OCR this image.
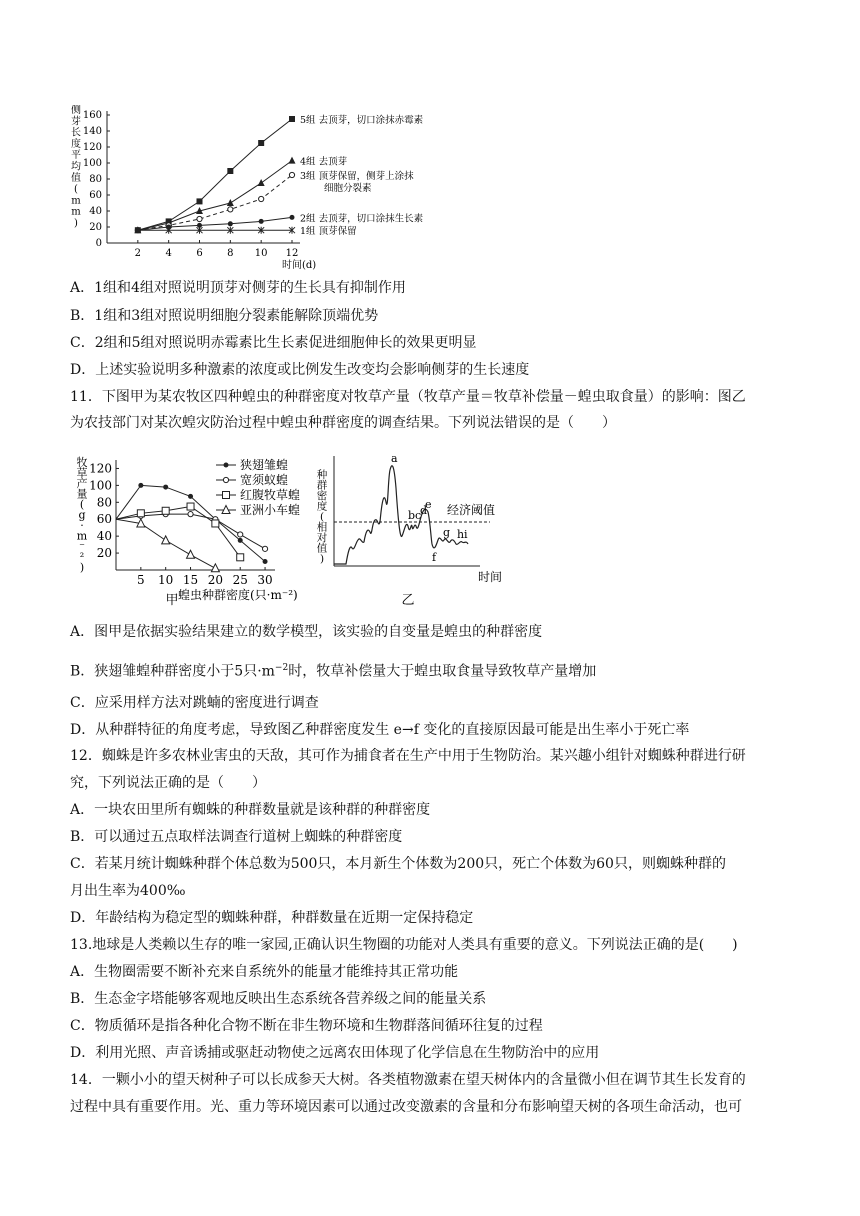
0
20
40
60
80
100
120
140
160
2 4 6 8 10 12
时间(d)
侧
芽
长
度
平
均
值
(
m
m
)
5组 去顶芽，切口涂抹赤霉素
4组 去顶芽
3组 顶芽保留，侧芽上涂抹
细胞分裂素
2组 去顶芽，切口涂抹生长素
1组 顶芽保留
A．1组和4组对照说明顶芽对侧芽的生长具有抑制作用
B．1组和3组对照说明细胞分裂素能解除顶端优势
C．2组和5组对照说明赤霉素比生长素促进细胞伸长的效果更明显
D．上述实验说明多种激素的浓度或比例发生改变均会影响侧芽的生长速度
11．下图甲为某农牧区四种蝗虫的种群密度对牧草产量（牧草产量＝牧草补偿量－蝗虫取食量）的影响：图乙
为农技部门对某次蝗灾防治过程中蝗虫种群密度的调查结果。下列说法错误的是（　　）
20
40
60
80
100
120
5 10 15 20 25 30
蝗虫种群密度(只·m⁻²)
甲
牧
草
产
量
(
g
·
m
⁻
²
)
狭翅雏蝗
宽须蚁蝗
红腹牧草蝗
亚洲小车蝗
种
群
密
度
(
相
对
值
)
时间
乙
经济阈值
a
b c
d
e
f
g h i
A．图甲是依据实验结果建立的数学模型，该实验的自变量是蝗虫的种群密度
B．狭翅雏蝗种群密度小于5只$\cdot m^{-2}$时，牧草补偿量大于蝗虫取食量导致牧草产量增加
C．应采用样方法对跳蝻的密度进行调查
D．从种群特征的角度考虑，导致图乙种群密度发生 e→f 变化的直接原因最可能是出生率小于死亡率
12．蜘蛛是许多农林业害虫的天敌，其可作为捕食者在生产中用于生物防治。某兴趣小组针对蜘蛛种群进行研
究，下列说法正确的是（　　）
A．一块农田里所有蜘蛛的种群数量就是该种群的种群密度
B．可以通过五点取样法调查行道树上蜘蛛的种群密度
C．若某月统计蜘蛛种群个体总数为500只，本月新生个体数为200只，死亡个体数为60只，则蜘蛛种群的
月出生率为400‰
D．年龄结构为稳定型的蜘蛛种群，种群数量在近期一定保持稳定
13.地球是人类赖以生存的唯一家园,正确认识生物圈的功能对人类具有重要的意义。下列说法正确的是(　　)
A．生物圈需要不断补充来自系统外的能量才能维持其正常功能
B．生态金字塔能够客观地反映出生态系统各营养级之间的能量关系
C．物质循环是指各种化合物不断在非生物环境和生物群落间循环往复的过程
D．利用光照、声音诱捕或驱赶动物使之远离农田体现了化学信息在生物防治中的应用
14．一颗小小的望天树种子可以长成参天大树。各类植物激素在望天树体内的含量微小但在调节其生长发育的
过程中具有重要作用。光、重力等环境因素可以通过改变激素的含量和分布影响望天树的各项生命活动，也可
